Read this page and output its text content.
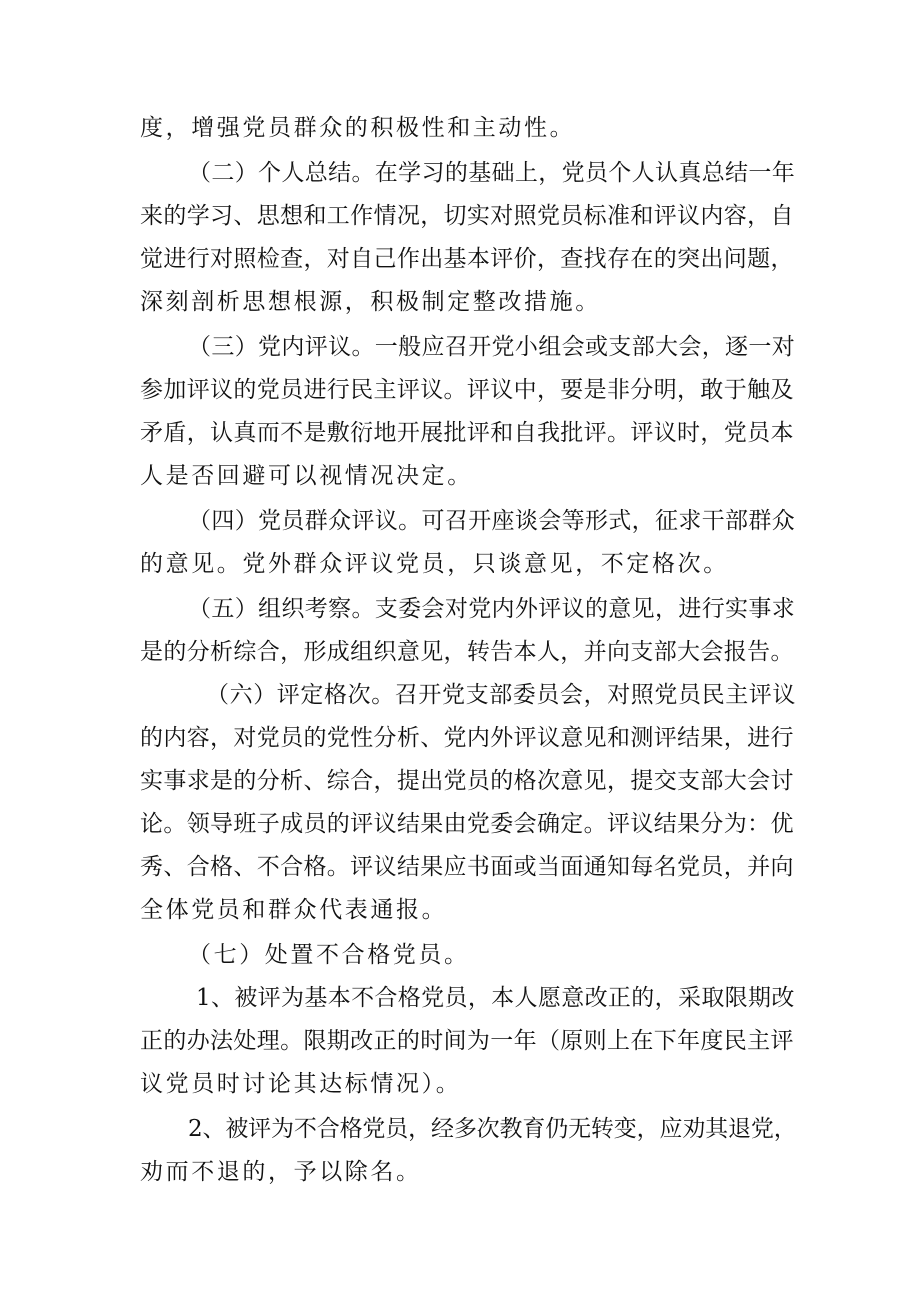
度，增强党员群众的积极性和主动性。
（二）个人总结。在学习的基础上，党员个人认真总结一年
来的学习、思想和工作情况，切实对照党员标准和评议内容，自
觉进行对照检查，对自己作出基本评价，查找存在的突出问题，
深刻剖析思想根源，积极制定整改措施。
（三）党内评议。一般应召开党小组会或支部大会，逐一对
参加评议的党员进行民主评议。评议中，要是非分明，敢于触及
矛盾，认真而不是敷衍地开展批评和自我批评。评议时，党员本
人是否回避可以视情况决定。
（四）党员群众评议。可召开座谈会等形式，征求干部群众
的意见。党外群众评议党员，只谈意见，不定格次。
（五）组织考察。支委会对党内外评议的意见，进行实事求
是的分析综合，形成组织意见，转告本人，并向支部大会报告。
（六）评定格次。召开党支部委员会，对照党员民主评议
的内容，对党员的党性分析、党内外评议意见和测评结果，进行
实事求是的分析、综合，提出党员的格次意见，提交支部大会讨
论。领导班子成员的评议结果由党委会确定。评议结果分为：优
秀、合格、不合格。评议结果应书面或当面通知每名党员，并向
全体党员和群众代表通报。
（七）处置不合格党员。
1、被评为基本不合格党员，本人愿意改正的，采取限期改
正的办法处理。限期改正的时间为一年（原则上在下年度民主评
议党员时讨论其达标情况）。
2、被评为不合格党员，经多次教育仍无转变，应劝其退党，
劝而不退的，予以除名。
